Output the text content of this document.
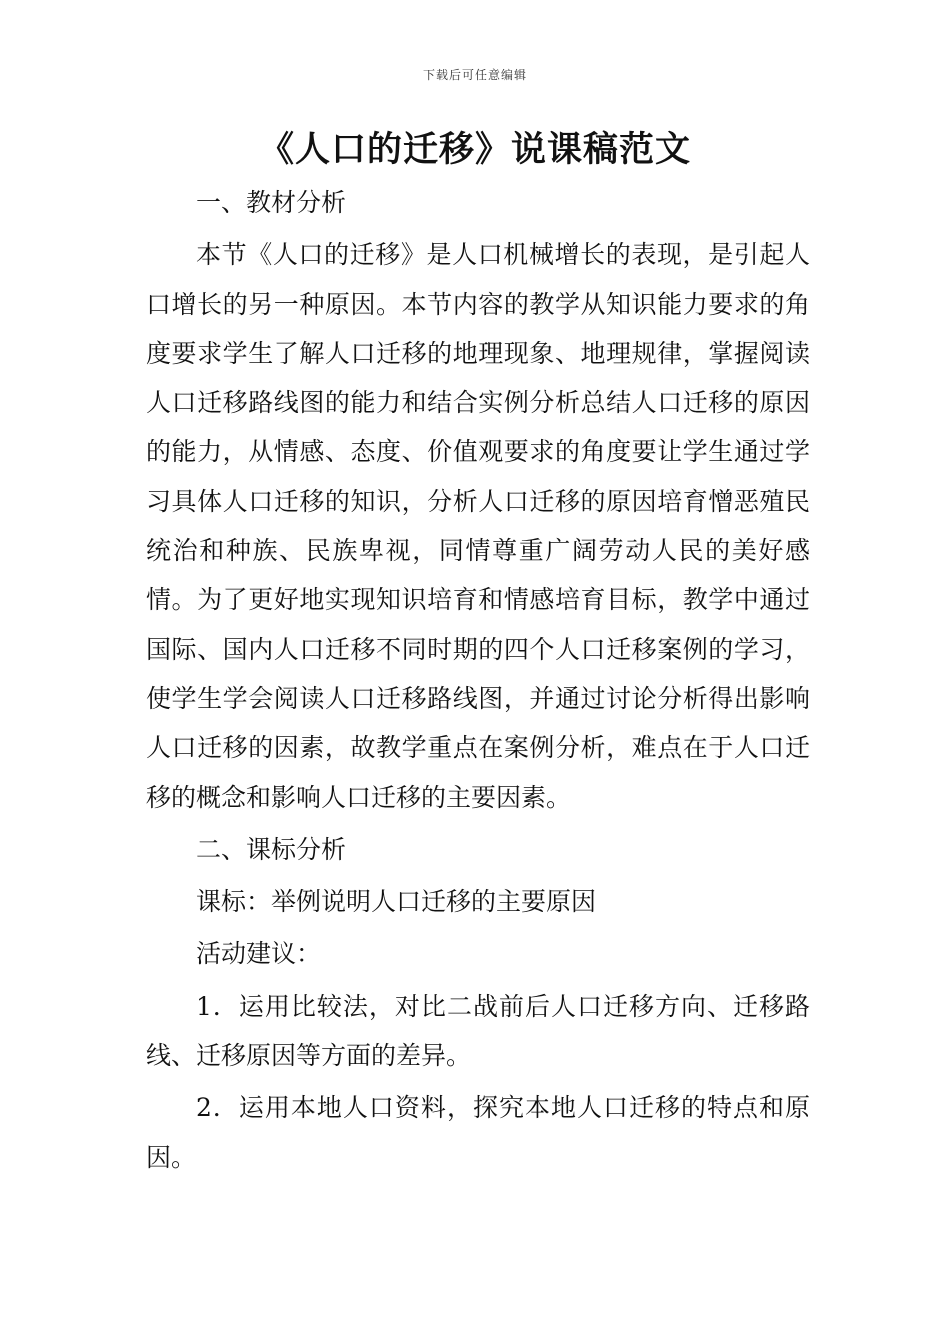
下载后可任意编辑
《人口的迁移》说课稿范文

一、教材分析

本节《人口的迁移》是人口机械增长的表现，是引起人口增长的另一种原因。本节内容的教学从知识能力要求的角度要求学生了解人口迁移的地理现象、地理规律，掌握阅读人口迁移路线图的能力和结合实例分析总结人口迁移的原因的能力，从情感、态度、价值观要求的角度要让学生通过学习具体人口迁移的知识，分析人口迁移的原因培育憎恶殖民统治和种族、民族卑视，同情尊重广阔劳动人民的美好感情。为了更好地实现知识培育和情感培育目标，教学中通过国际、国内人口迁移不同时期的四个人口迁移案例的学习，使学生学会阅读人口迁移路线图，并通过讨论分析得出影响人口迁移的因素，故教学重点在案例分析，难点在于人口迁移的概念和影响人口迁移的主要因素。

二、课标分析

课标：举例说明人口迁移的主要原因

活动建议：

1．运用比较法，对比二战前后人口迁移方向、迁移路线、迁移原因等方面的差异。

2．运用本地人口资料，探究本地人口迁移的特点和原因。
